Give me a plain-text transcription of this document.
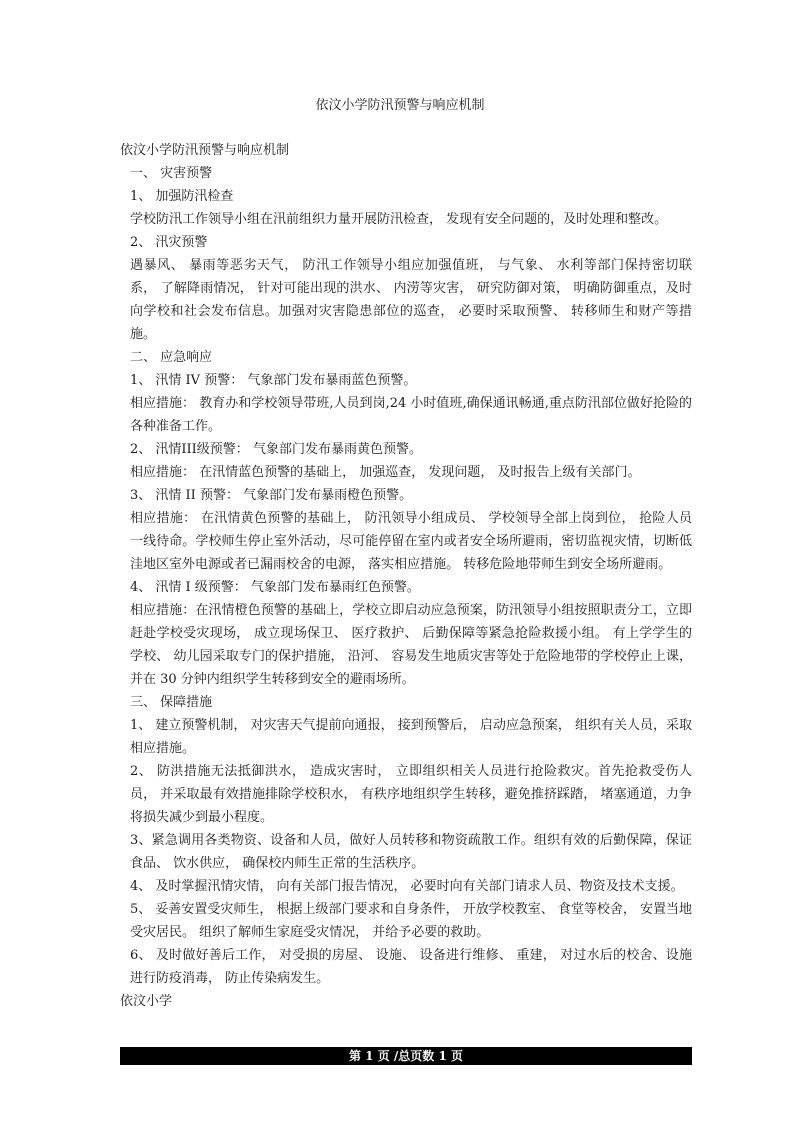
依汶小学防汛预警与响应机制

依汶小学防汛预警与响应机制

一、 灾害预警

1、 加强防汛检查

学校防汛工作领导小组在汛前组织力量开展防汛检查， 发现有安全问题的，及时处理和整改。

2、 汛灾预警

遇暴风、 暴雨等恶劣天气， 防汛工作领导小组应加强值班， 与气象、 水利等部门保持密切联系， 了解降雨情况， 针对可能出现的洪水、 内涝等灾害， 研究防御对策， 明确防御重点，及时向学校和社会发布信息。加强对灾害隐患部位的巡查， 必要时采取预警、 转移师生和财产等措施。

二、 应急响应

1、 汛情 IV 预警： 气象部门发布暴雨蓝色预警。

相应措施： 教育办和学校领导带班,人员到岗,24 小时值班,确保通讯畅通,重点防汛部位做好抢险的各种准备工作。

2、 汛情III级预警： 气象部门发布暴雨黄色预警。

相应措施： 在汛情蓝色预警的基础上， 加强巡查， 发现问题， 及时报告上级有关部门。

3、 汛情 II 预警： 气象部门发布暴雨橙色预警。

相应措施： 在汛情黄色预警的基础上， 防汛领导小组成员、 学校领导全部上岗到位， 抢险人员一线待命。学校师生停止室外活动，尽可能停留在室内或者安全场所避雨，密切监视灾情，切断低洼地区室外电源或者已漏雨校舍的电源， 落实相应措施。 转移危险地带师生到安全场所避雨。

4、 汛情 I 级预警： 气象部门发布暴雨红色预警。

相应措施：在汛情橙色预警的基础上，学校立即启动应急预案，防汛领导小组按照职责分工，立即赶赴学校受灾现场， 成立现场保卫、 医疗救护、 后勤保障等紧急抢险救援小组。 有上学学生的学校、 幼儿园采取专门的保护措施， 沿河、 容易发生地质灾害等处于危险地带的学校停止上课， 并在 30 分钟内组织学生转移到安全的避雨场所。

三、 保障措施

1、 建立预警机制， 对灾害天气提前向通报， 接到预警后， 启动应急预案， 组织有关人员，采取相应措施。

2、 防洪措施无法抵御洪水， 造成灾害时， 立即组织相关人员进行抢险救灾。首先抢救受伤人员， 并采取最有效措施排除学校积水， 有秩序地组织学生转移，避免推挤踩踏， 堵塞通道，力争将损失减少到最小程度。

3、紧急调用各类物资、设备和人员，做好人员转移和物资疏散工作。组织有效的后勤保障，保证食品、 饮水供应， 确保校内师生正常的生活秩序。

4、 及时掌握汛情灾情， 向有关部门报告情况， 必要时向有关部门请求人员、物资及技术支援。

5、 妥善安置受灾师生， 根据上级部门要求和自身条件， 开放学校教室、 食堂等校舍， 安置当地受灾居民。 组织了解师生家庭受灾情况， 并给予必要的救助。

6、 及时做好善后工作， 对受损的房屋、 设施、 设备进行维修、 重建， 对过水后的校舍、设施进行防疫消毒， 防止传染病发生。

依汶小学

第 1 页 /总页数 1 页
